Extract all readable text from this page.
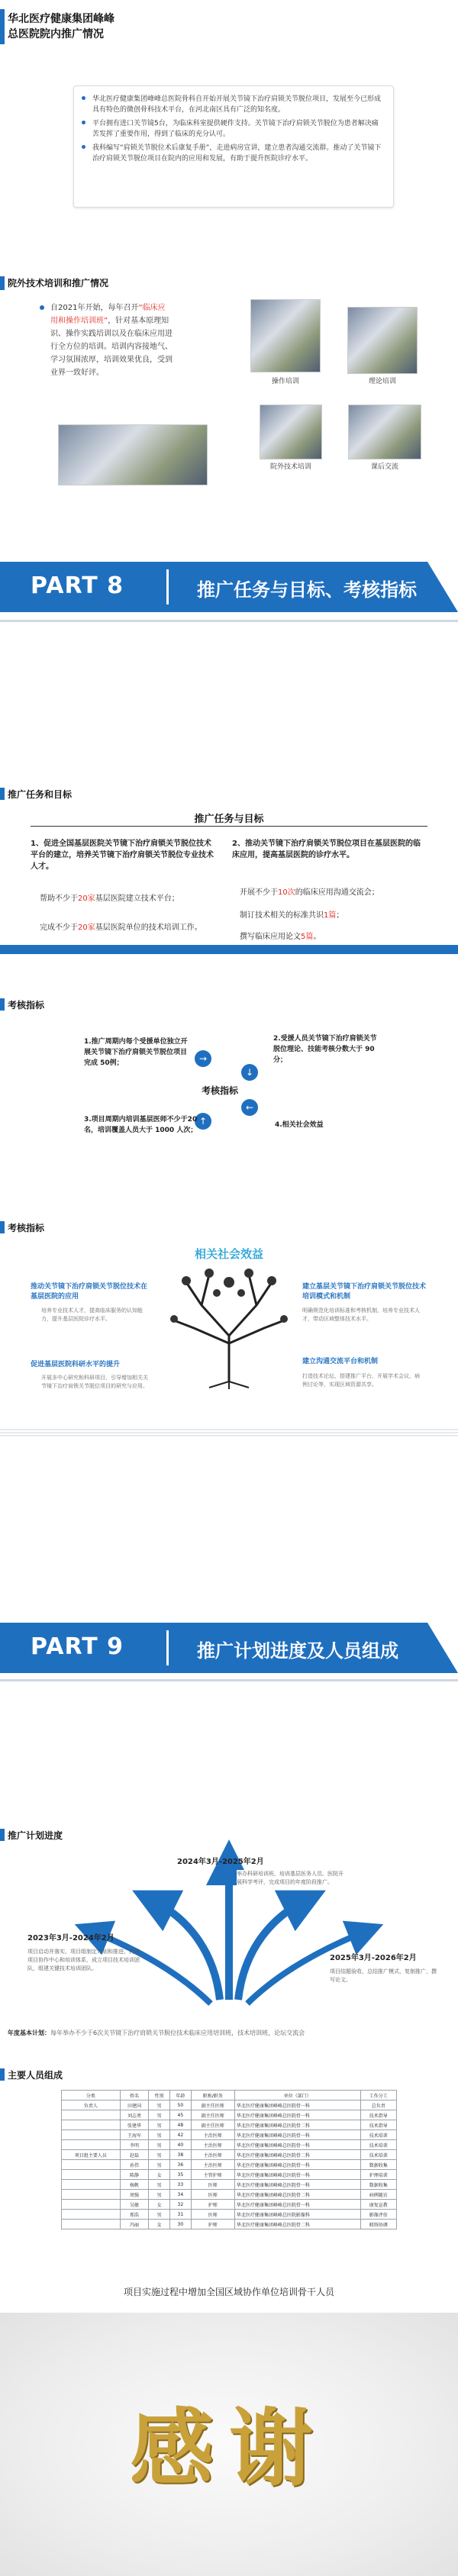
华北医疗健康集团峰峰
总医院院内推广情况
华北医疗健康集团峰峰总医院骨科自开始开展关节镜下治疗肩锁关节脱位项目，发展至今已形成具有特色的微创骨科技术平台，在河北南区具有广泛的知名度。
平台拥有进口关节镜5台，为临床科室提供硬件支持。关节镜下治疗肩锁关节脱位为患者解决痛苦发挥了重要作用，得到了临床的充分认可。
我科编写“肩锁关节脱位术后康复手册”，走进病房宣讲，建立患者沟通交流群。推动了关节镜下治疗肩锁关节脱位项目在院内的应用和发展，有助于提升医院诊疗水平。
院外技术培训和推广情况
自2021年开始，每年召开“临床应用和操作培训班”，针对基本原理知识、操作实践培训以及在临床应用进行全方位的培训。培训内容接地气、学习氛围浓厚，培训效果优良，受到业界一致好评。
操作培训	理论培训
院外技术培训	课后交流
PART 8	推广任务与目标、考核指标
推广任务和目标
推广任务与目标
1、促进全国基层医院关节镜下治疗肩锁关节脱位技术平台的建立，培养关节镜下治疗肩锁关节脱位专业技术人才。
帮助不少于20家基层医院建立技术平台；
完成不少于20家基层医院单位的技术培训工作。
2、推动关节镜下治疗肩锁关节脱位项目在基层医院的临床应用，提高基层医院的诊疗水平。
开展不少于10次的临床应用沟通交流会；
制订技术相关的标准共识1篇；
撰写临床应用论文5篇。
考核指标
1.推广周期内每个受援单位独立开展关节镜下治疗肩锁关节脱位项目完成 50例；
2.受援人员关节镜下治疗肩锁关节脱位理论、技能考核分数大于 90 分；
→
↓
←
↑
考核指标
3.项目周期内培训基层医师不少于20名，培训覆盖人员大于 1000 人次；
4.相关社会效益
考核指标
相关社会效益
推动关节镜下治疗肩锁关节脱位技术在基层医院的应用
培养专业技术人才，提高临床服务的认知能力，提升基层医院诊疗水平。
促进基层医院科研水平的提升
开展多中心研究和科研项目，引导增加相关关节镜下治疗肩锁关节脱位项目的研究与应用。
建立基层关节镜下治疗肩锁关节脱位技术培训模式和机制
明确规范化培训标准和考核机制，培养专业技术人才，带动区域整体技术水平。
建立沟通交流平台和机制
打造技术论坛，搭建推广平台，开展学术会议，病例讨论等，实现区域资源共享。
PART 9	推广计划进度及人员组成
推广计划进度
2024年3月-2025年2月
举办科研培训班，培训基层医务人员。医院开展科学考评，完成项目的年度阶段推广。
2023年3月-2024年2月
项目启动并落实，项目组制定计划和推进，构建项目协作中心和培训体系，成立项目技术培训团队，组建关键技术培训团队。
2025年3月-2026年2月
项目结题验收，总结推广模式，复制推广，撰写论文。
年度基本计划：每年举办不少于6次关节镜下治疗肩锁关节脱位技术临床应用培训班，技术培训班，论坛交流会
主要人员组成
分类	姓名	性别	年龄	职称/职务	单位（部门）	工作分工
负责人	田建国	男	50	副主任医师	华北医疗健康集团峰峰总医院骨一科	总负责
	刘志勇	男	45	副主任医师	华北医疗健康集团峰峰总医院骨一科	技术指导
	张建华	男	48	副主任医师	华北医疗健康集团峰峰总医院骨二科	技术指导
	王海军	男	42	主治医师	华北医疗健康集团峰峰总医院骨一科	技术培训
	李明	男	40	主治医师	华北医疗健康集团峰峰总医院骨一科	技术培训
项目组主要人员	赵磊	男	38	主治医师	华北医疗健康集团峰峰总医院骨二科	技术培训
	孙伟	男	36	主治医师	华北医疗健康集团峰峰总医院骨一科	数据收集
	陈静	女	35	主管护师	华北医疗健康集团峰峰总医院骨一科	护理培训
	杨帆	男	33	医师	华北医疗健康集团峰峰总医院骨一科	数据收集
	周强	男	34	医师	华北医疗健康集团峰峰总医院骨二科	病例随访
	吴敏	女	32	护师	华北医疗健康集团峰峰总医院骨一科	康复宣教
	郑浩	男	31	医师	华北医疗健康集团峰峰总医院影像科	影像评估
	冯丽	女	30	护师	华北医疗健康集团峰峰总医院骨二科	联络协调
项目实施过程中增加全国区域协作单位培训骨干人员
感谢
